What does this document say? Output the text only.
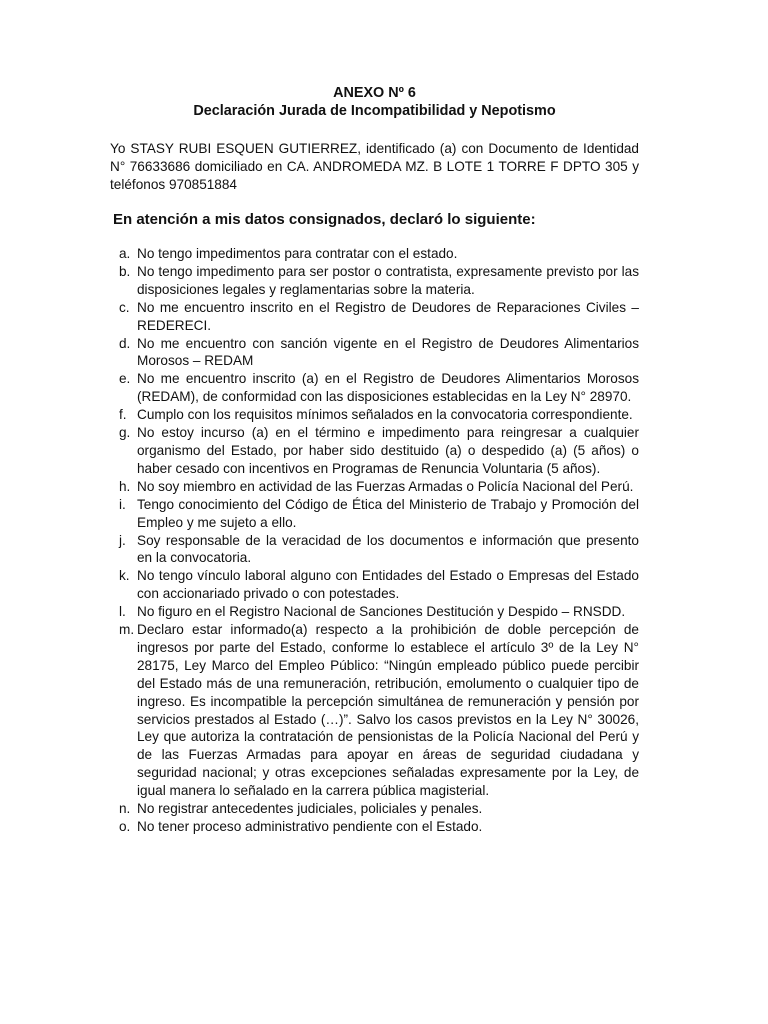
ANEXO Nº 6
Declaración Jurada de Incompatibilidad y Nepotismo
Yo STASY RUBI ESQUEN GUTIERREZ, identificado (a) con Documento de Identidad N° 76633686 domiciliado en CA. ANDROMEDA MZ. B LOTE 1 TORRE F DPTO 305 y teléfonos 970851884
En atención a mis datos consignados, declaró lo siguiente:
a. No tengo impedimentos para contratar con el estado.
b. No tengo impedimento para ser postor o contratista, expresamente previsto por las disposiciones legales y reglamentarias sobre la materia.
c. No me encuentro inscrito en el Registro de Deudores de Reparaciones Civiles – REDERECI.
d. No me encuentro con sanción vigente en el Registro de Deudores Alimentarios Morosos – REDAM
e. No me encuentro inscrito (a) en el Registro de Deudores Alimentarios Morosos (REDAM), de conformidad con las disposiciones establecidas en la Ley N° 28970.
f. Cumplo con los requisitos mínimos señalados en la convocatoria correspondiente.
g. No estoy incurso (a) en el término e impedimento para reingresar a cualquier organismo del Estado, por haber sido destituido (a) o despedido (a) (5 años) o haber cesado con incentivos en Programas de Renuncia Voluntaria (5 años).
h. No soy miembro en actividad de las Fuerzas Armadas o Policía Nacional del Perú.
i. Tengo conocimiento del Código de Ética del Ministerio de Trabajo y Promoción del Empleo y me sujeto a ello.
j. Soy responsable de la veracidad de los documentos e información que presento en la convocatoria.
k. No tengo vínculo laboral alguno con Entidades del Estado o Empresas del Estado con accionariado privado o con potestades.
l. No figuro en el Registro Nacional de Sanciones Destitución y Despido – RNSDD.
m. Declaro estar informado(a) respecto a la prohibición de doble percepción de ingresos por parte del Estado, conforme lo establece el artículo 3º de la Ley N° 28175, Ley Marco del Empleo Público: “Ningún empleado público puede percibir del Estado más de una remuneración, retribución, emolumento o cualquier tipo de ingreso. Es incompatible la percepción simultánea de remuneración y pensión por servicios prestados al Estado (…)”. Salvo los casos previstos en la Ley N° 30026, Ley que autoriza la contratación de pensionistas de la Policía Nacional del Perú y de las Fuerzas Armadas para apoyar en áreas de seguridad ciudadana y seguridad nacional; y otras excepciones señaladas expresamente por la Ley, de igual manera lo señalado en la carrera pública magisterial.
n. No registrar antecedentes judiciales, policiales y penales.
o. No tener proceso administrativo pendiente con el Estado.
